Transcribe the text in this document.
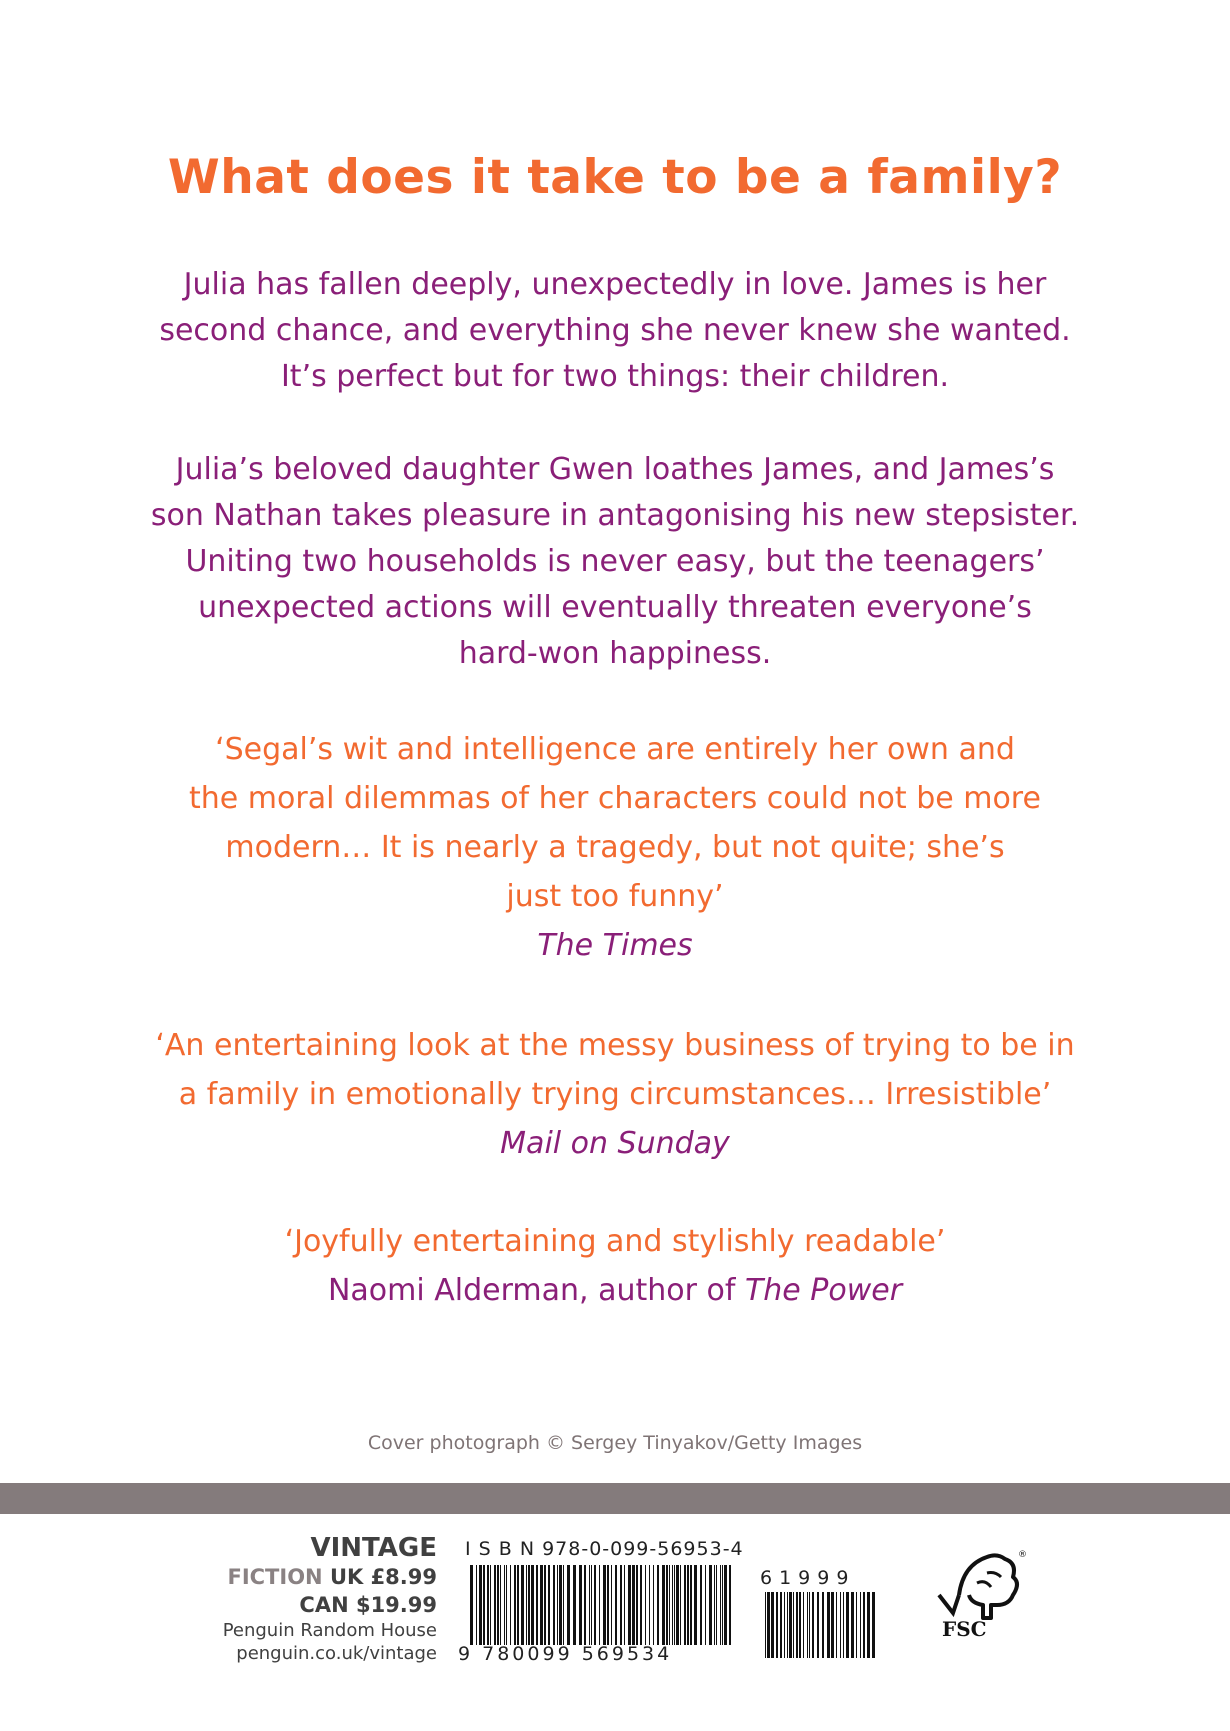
What does it take to be a family?

Julia has fallen deeply, unexpectedly in love. James is her
second chance, and everything she never knew she wanted.
It’s perfect but for two things: their children.

Julia’s beloved daughter Gwen loathes James, and James’s
son Nathan takes pleasure in antagonising his new stepsister.
Uniting two households is never easy, but the teenagers’
unexpected actions will eventually threaten everyone’s
hard-won happiness.

‘Segal’s wit and intelligence are entirely her own and
the moral dilemmas of her characters could not be more
modern… It is nearly a tragedy, but not quite; she’s
just too funny’
The Times
‘An entertaining look at the messy business of trying to be in
a family in emotionally trying circumstances… Irresistible’
Mail on Sunday
‘Joyfully entertaining and stylishly readable’
Naomi Alderman, author of The Power

Cover photograph © Sergey Tinyakov/Getty Images

VINTAGE
FICTION UK £8.99
CAN $19.99
Penguin Random House
penguin.co.uk/vintage
I S B N 978-0-099-56953-4
9 780099 569534
61999
®
FSC
